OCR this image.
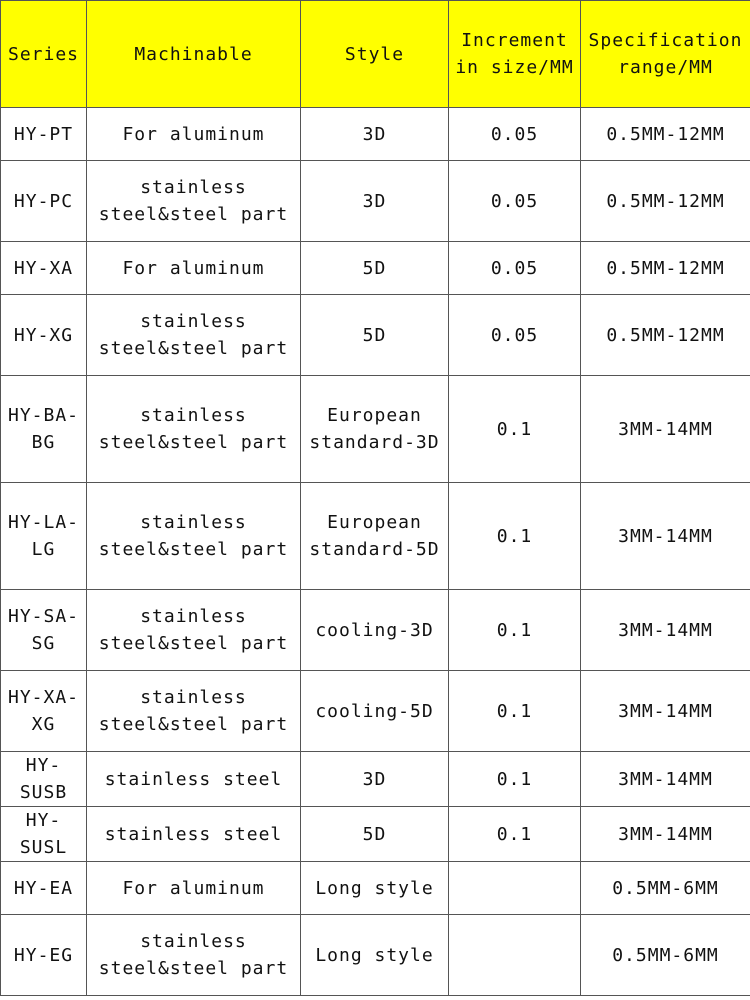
Series	Machinable	Style	Increment in size/MM	Specification range/MM
HY-PT	For aluminum	3D	0.05	0.5MM-12MM
HY-PC	stainless steel&steel part	3D	0.05	0.5MM-12MM
HY-XA	For aluminum	5D	0.05	0.5MM-12MM
HY-XG	stainless steel&steel part	5D	0.05	0.5MM-12MM
HY-BA-BG	stainless steel&steel part	European standard-3D	0.1	3MM-14MM
HY-LA-LG	stainless steel&steel part	European standard-5D	0.1	3MM-14MM
HY-SA-SG	stainless steel&steel part	cooling-3D	0.1	3MM-14MM
HY-XA-XG	stainless steel&steel part	cooling-5D	0.1	3MM-14MM
HY-SUSB	stainless steel	3D	0.1	3MM-14MM
HY-SUSL	stainless steel	5D	0.1	3MM-14MM
HY-EA	For aluminum	Long style		0.5MM-6MM
HY-EG	stainless steel&steel part	Long style		0.5MM-6MM
